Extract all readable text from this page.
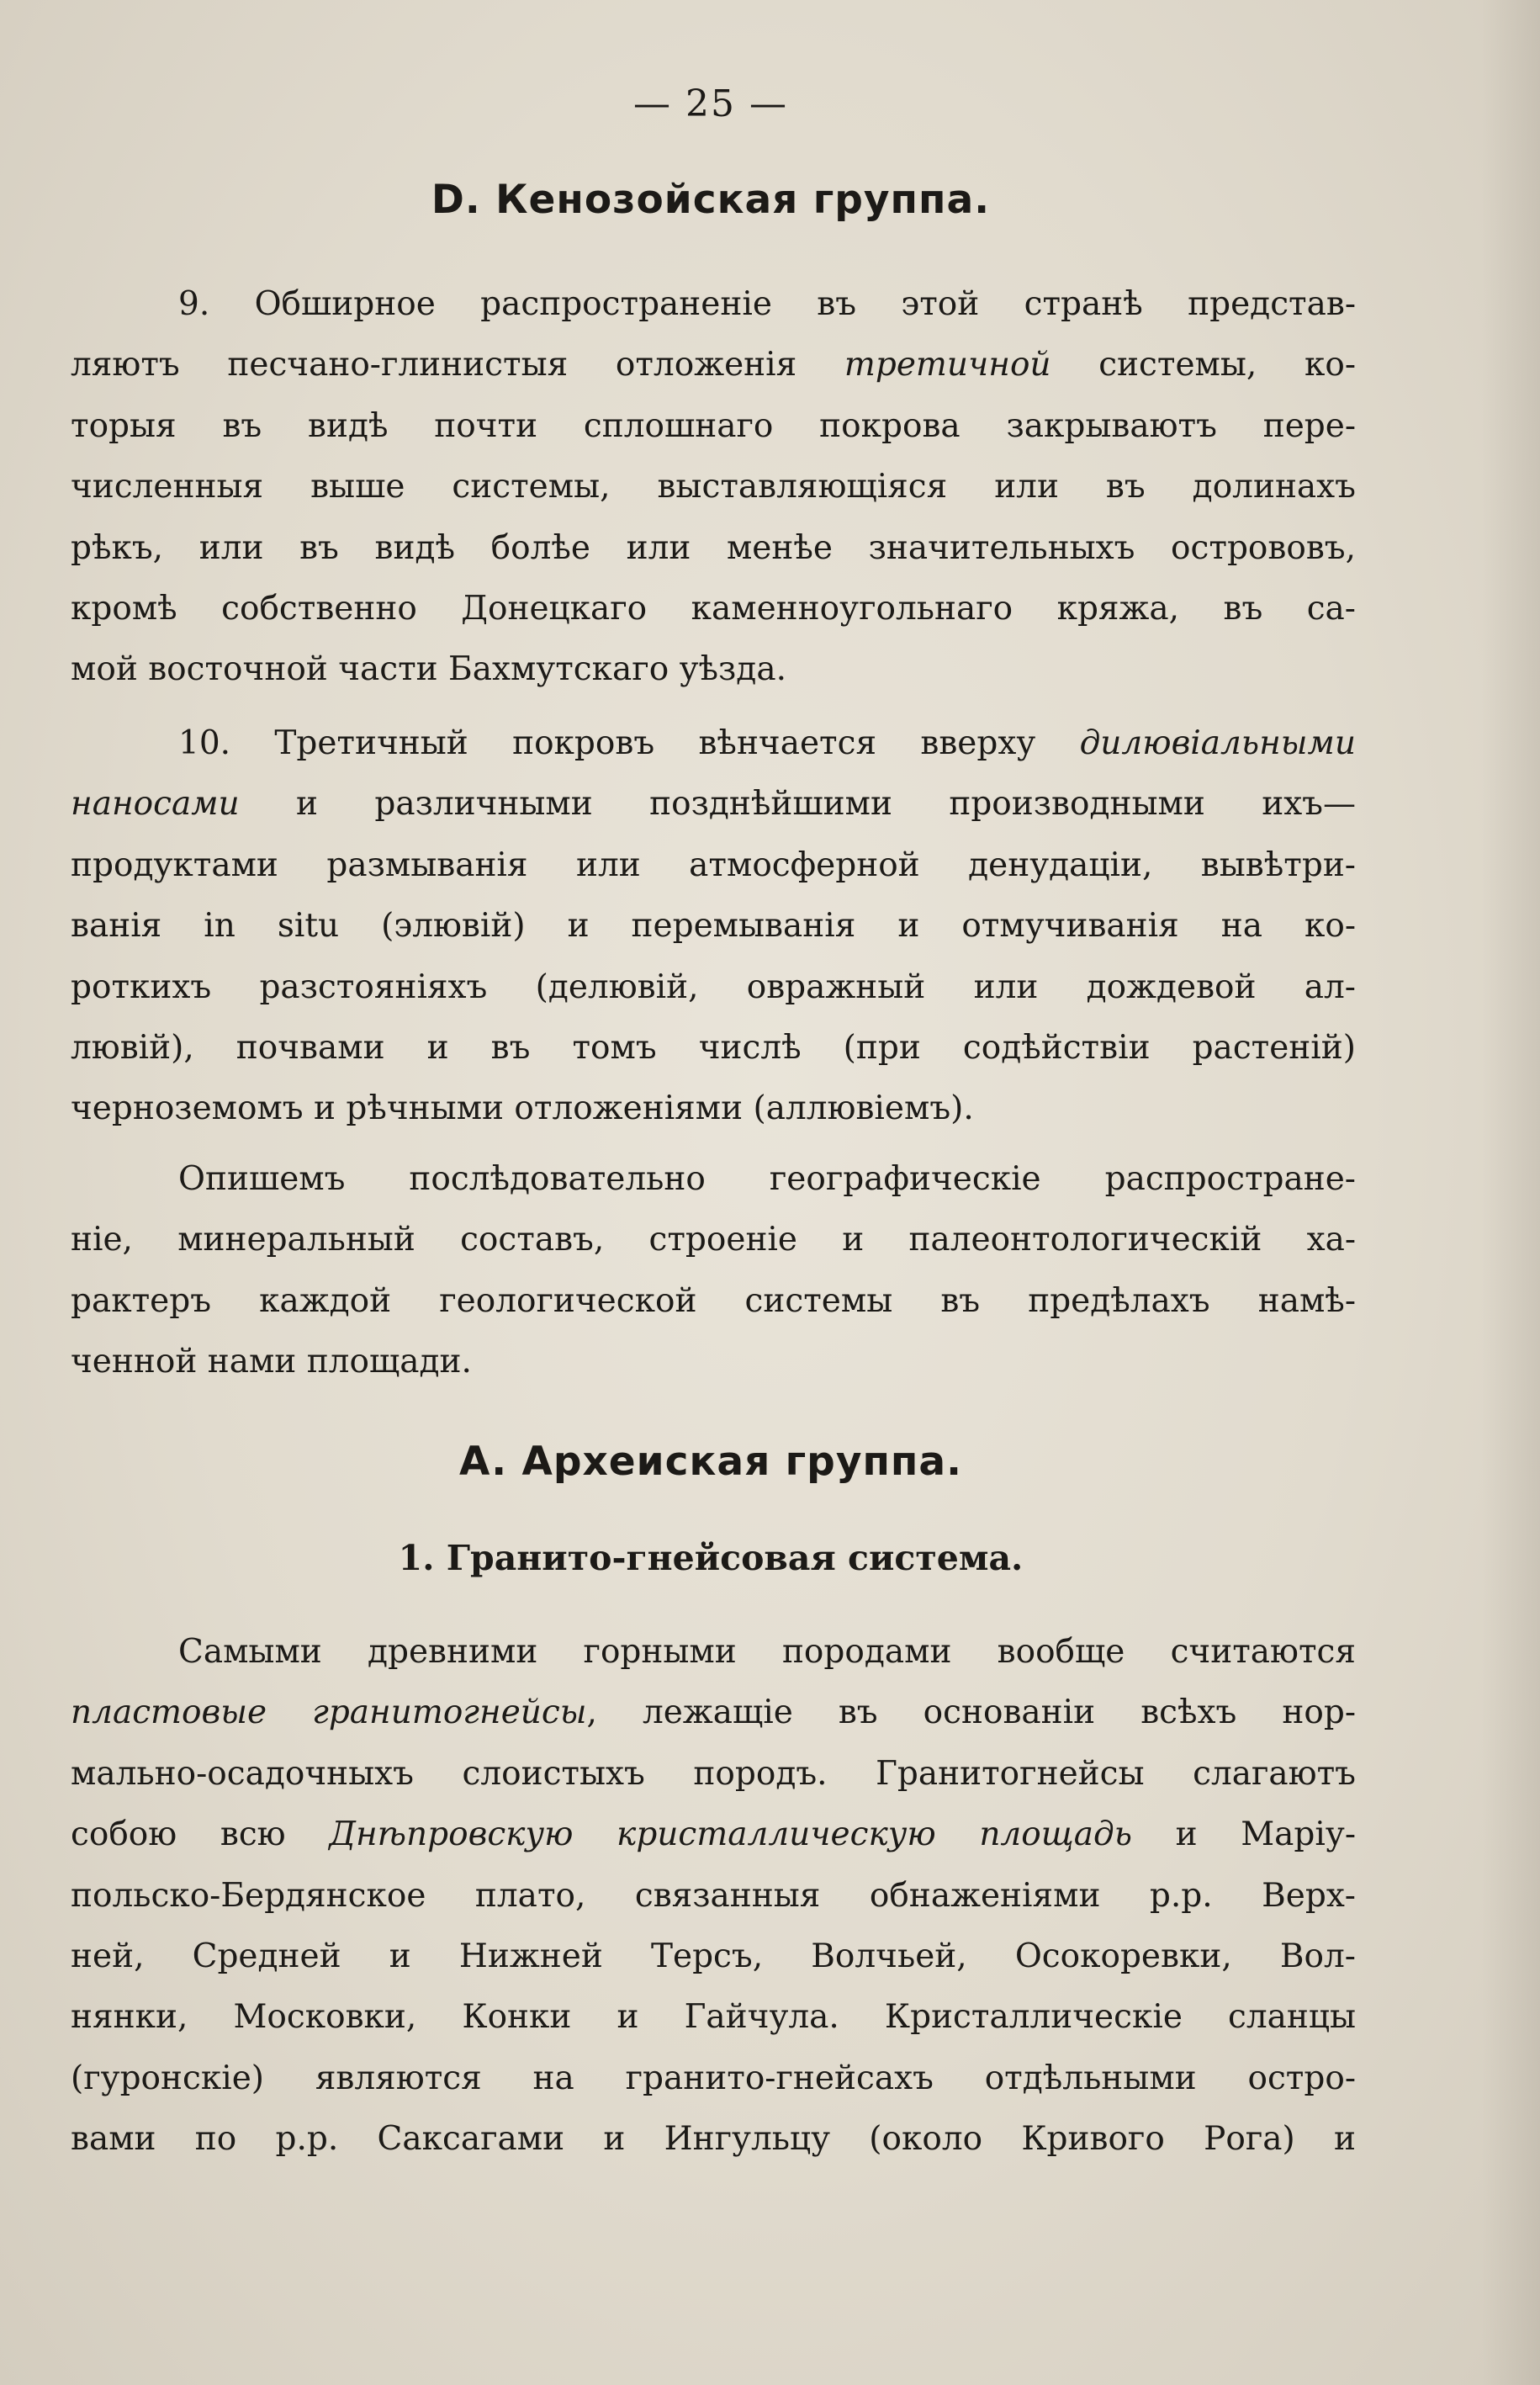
— 25 —
D. Кенозойская группа.
9. Обширное распространеніе въ этой странѣ представ-
ляютъ песчано-глинистыя отложенія третичной системы, ко-
торыя въ видѣ почти сплошнаго покрова закрываютъ пере-
численныя выше системы, выставляющіяся или въ долинахъ
рѣкъ, или въ видѣ болѣе или менѣе значительныхъ острововъ,
кромѣ собственно Донецкаго каменноугольнаго кряжа, въ са-
мой восточной части Бахмутскаго уѣзда.
10. Третичный покровъ вѣнчается вверху дилювіальными
наносами и различными позднѣйшими производными ихъ—
продуктами размыванія или атмосферной денудаціи, вывѣтри-
ванія in situ (элювій) и перемыванія и отмучиванія на ко-
роткихъ разстояніяхъ (делювій, овражный или дождевой ал-
лювій), почвами и въ томъ числѣ (при содѣйствіи растеній)
черноземомъ и рѣчными отложеніями (аллювіемъ).
Опишемъ послѣдовательно географическіе распростране-
ніе, минеральный составъ, строеніе и палеонтологическій ха-
рактеръ каждой геологической системы въ предѣлахъ намѣ-
ченной нами площади.
A. Археиская группа.
1. Гранито-гнейсовая система.
Самыми древними горными породами вообще считаются
пластовые гранитогнейсы, лежащіе въ основаніи всѣхъ нор-
мально-осадочныхъ слоистыхъ породъ. Гранитогнейсы слагаютъ
собою всю Днѣпровскую кристаллическую площадь и Маріу-
польско-Бердянское плато, связанныя обнаженіями р.р. Верх-
ней, Средней и Нижней Терсъ, Волчьей, Осокоревки, Вол-
нянки, Московки, Конки и Гайчула. Кристаллическіе сланцы
(гуронскіе) являются на гранито-гнейсахъ отдѣльными остро-
вами по р.р. Саксагами и Ингульцу (около Кривого Рога) и
